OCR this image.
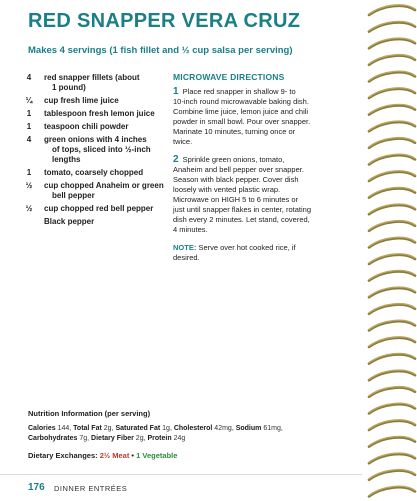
RED SNAPPER VERA CRUZ
Makes 4 servings (1 fish fillet and ½ cup salsa per serving)
4	red snapper fillets (about
1 pound)
¼	cup fresh lime juice
1	tablespoon fresh lemon juice
1	teaspoon chili powder
4	green onions with 4 inches
of tops, sliced into ½-inch
lengths
1	tomato, coarsely chopped
½	cup chopped Anaheim or green
bell pepper
½	cup chopped red bell pepper
Black pepper
MICROWAVE DIRECTIONS
1 Place red snapper in shallow 9- to
10-inch round microwavable baking dish.
Combine lime juice, lemon juice and chili
powder in small bowl. Pour over snapper.
Marinate 10 minutes, turning once or
twice.
2 Sprinkle green onions, tomato,
Anaheim and bell pepper over snapper.
Season with black pepper. Cover dish
loosely with vented plastic wrap.
Microwave on HIGH 5 to 6 minutes or
just until snapper flakes in center, rotating
dish every 2 minutes. Let stand, covered,
4 minutes.
NOTE: Serve over hot cooked rice, if
desired.
Nutrition Information (per serving)
Calories 144, Total Fat 2g, Saturated Fat 1g, Cholesterol 42mg, Sodium 61mg,
Carbohydrates 7g, Dietary Fiber 2g, Protein 24g
Dietary Exchanges: 2½ Meat • 1 Vegetable
176 DINNER ENTRÉES
